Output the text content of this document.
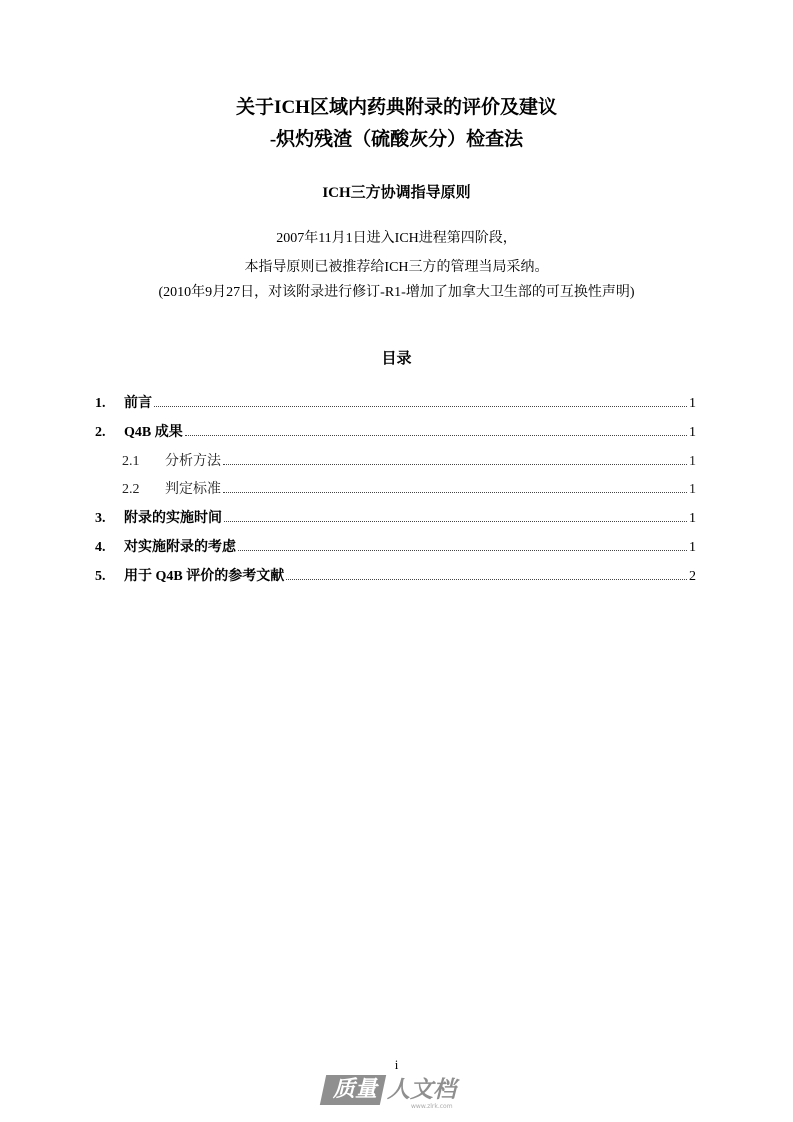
关于ICH区域内药典附录的评价及建议
-炽灼残渣（硫酸灰分）检查法
ICH三方协调指导原则
2007年11月1日进入ICH进程第四阶段，
本指导原则已被推荐给ICH三方的管理当局采纳。
(2010年9月27日，对该附录进行修订-R1-增加了加拿大卫生部的可互换性声明)
目录
1.	前言	1
2.	Q4B 成果	1
2.1	分析方法	1
2.2	判定标准	1
3.	附录的实施时间	1
4.	对实施附录的考虑	1
5.	用于 Q4B 评价的参考文献	2
i
质量 人文档
www.zlrk.com
